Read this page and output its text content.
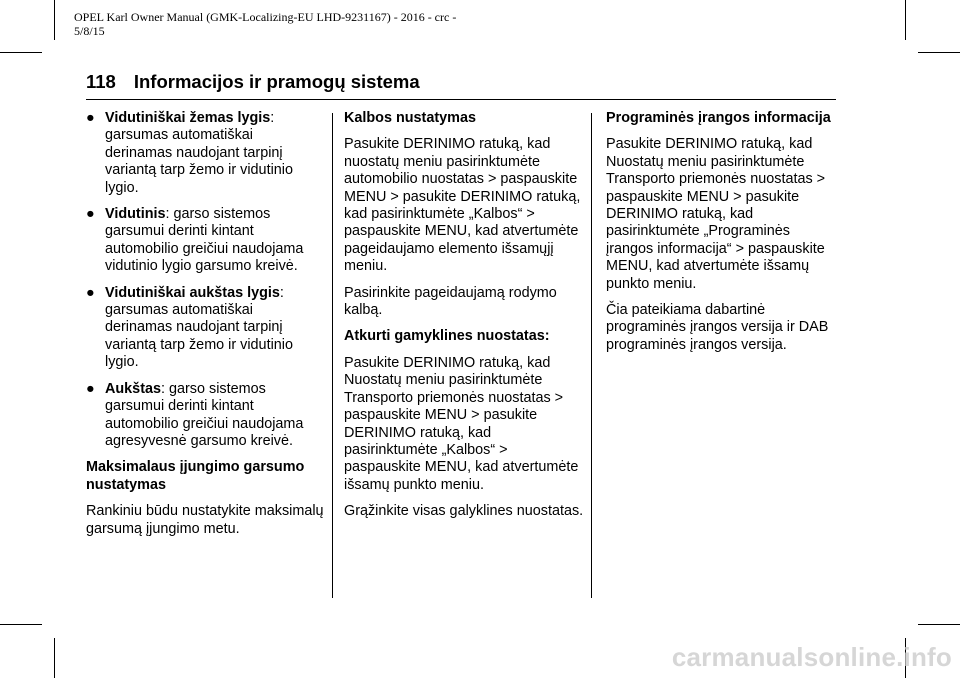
OPEL Karl Owner Manual (GMK-Localizing-EU LHD-9231167) - 2016 - crc -
5/8/15
118 Informacijos ir pramogų sistema
● Vidutiniškai žemas lygis: garsumas automatiškai derinamas naudojant tarpinį variantą tarp žemo ir vidutinio lygio.
● Vidutinis: garso sistemos garsumui derinti kintant automobilio greičiui naudojama vidutinio lygio garsumo kreivė.
● Vidutiniškai aukštas lygis: garsumas automatiškai derinamas naudojant tarpinį variantą tarp žemo ir vidutinio lygio.
● Aukštas: garso sistemos garsumui derinti kintant automobilio greičiui naudojama agresyvesnė garsumo kreivė.

Maksimalaus įjungimo garsumo nustatymas

Rankiniu būdu nustatykite maksimalų garsumą įjungimo metu.

Kalbos nustatymas

Pasukite DERINIMO ratuką, kad nuostatų meniu pasirinktumėte automobilio nuostatas > paspauskite MENU > pasukite DERINIMO ratuką, kad pasirinktumėte „Kalbos“ > paspauskite MENU, kad atvertumėte pageidaujamo elemento išsamųjį meniu.

Pasirinkite pageidaujamą rodymo kalbą.

Atkurti gamyklines nuostatas:

Pasukite DERINIMO ratuką, kad Nuostatų meniu pasirinktumėte Transporto priemonės nuostatas > paspauskite MENU > pasukite DERINIMO ratuką, kad pasirinktumėte „Kalbos“ > paspauskite MENU, kad atvertumėte išsamų punkto meniu.

Grąžinkite visas galyklines nuostatas.

Programinės įrangos informacija

Pasukite DERINIMO ratuką, kad Nuostatų meniu pasirinktumėte Transporto priemonės nuostatas > paspauskite MENU > pasukite DERINIMO ratuką, kad pasirinktumėte „Programinės įrangos informacija“ > paspauskite MENU, kad atvertumėte išsamų punkto meniu.

Čia pateikiama dabartinė programinės įrangos versija ir DAB programinės įrangos versija.

carmanualsonline.info
